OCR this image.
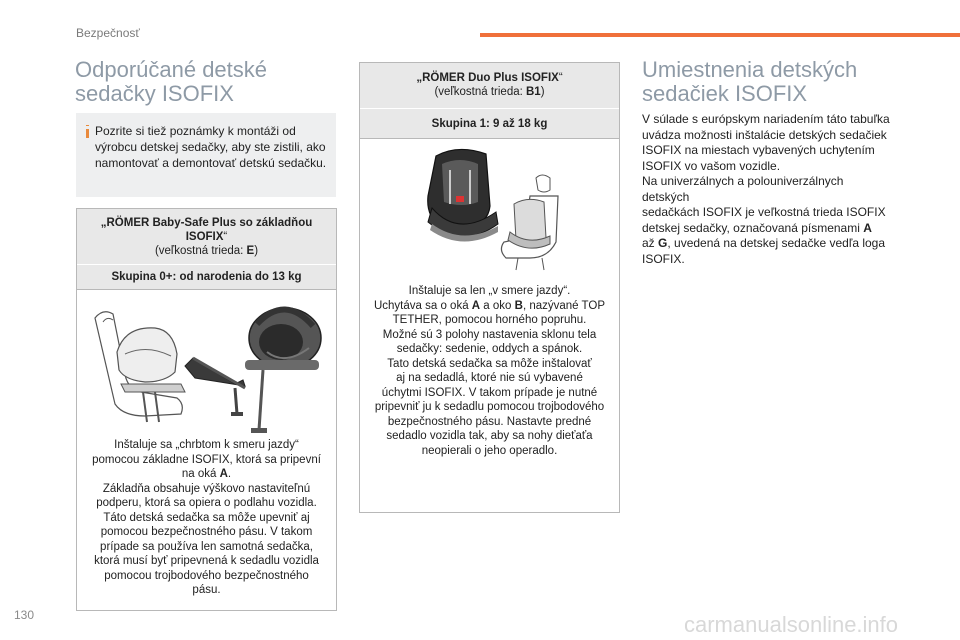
Bezpečnosť
Odporúčané detské
sedačky ISOFIX

Pozrite si tiež poznámky k montáži od výrobcu detskej sedačky, aby ste zistili, ako namontovať a demontovať detskú sedačku.

„RÖMER Baby-Safe Plus so základňou
ISOFIX“
(veľkostná trieda: E)
Skupina 0+: od narodenia do 13 kg
Inštaluje sa „chrbtom k smeru jazdy“
pomocou základne ISOFIX, ktorá sa pripevní
na oká A.
Základňa obsahuje výškovo nastaviteľnú
podperu, ktorá sa opiera o podlahu vozidla.
Táto detská sedačka sa môže upevniť aj
pomocou bezpečnostného pásu. V takom
prípade sa používa len samotná sedačka,
ktorá musí byť pripevnená k sedadlu vozidla
pomocou trojbodového bezpečnostného
pásu.
„RÖMER Duo Plus ISOFIX“
(veľkostná trieda: B1)
Skupina 1: 9 až 18 kg
Inštaluje sa len „v smere jazdy“.
Uchytáva sa o oká A a oko B, nazývané TOP
TETHER, pomocou horného popruhu.
Možné sú 3 polohy nastavenia sklonu tela
sedačky: sedenie, oddych a spánok.
Tato detská sedačka sa môže inštalovať
aj na sedadlá, ktoré nie sú vybavené
úchytmi ISOFIX. V takom prípade je nutné
pripevniť ju k sedadlu pomocou trojbodového
bezpečnostného pásu. Nastavte predné
sedadlo vozidla tak, aby sa nohy dieťaťa
neopierali o jeho operadlo.
Umiestnenia detských
sedačiek ISOFIX
V súlade s európskym nariadením táto tabuľka
uvádza možnosti inštalácie detských sedačiek
ISOFIX na miestach vybavených uchytením
ISOFIX vo vašom vozidle.
Na univerzálnych a polouniverzálnych detských
sedačkách ISOFIX je veľkostná trieda ISOFIX
detskej sedačky, označovaná písmenami A
až G, uvedená na detskej sedačke vedľa loga
ISOFIX.
130	carmanualsonline.info
